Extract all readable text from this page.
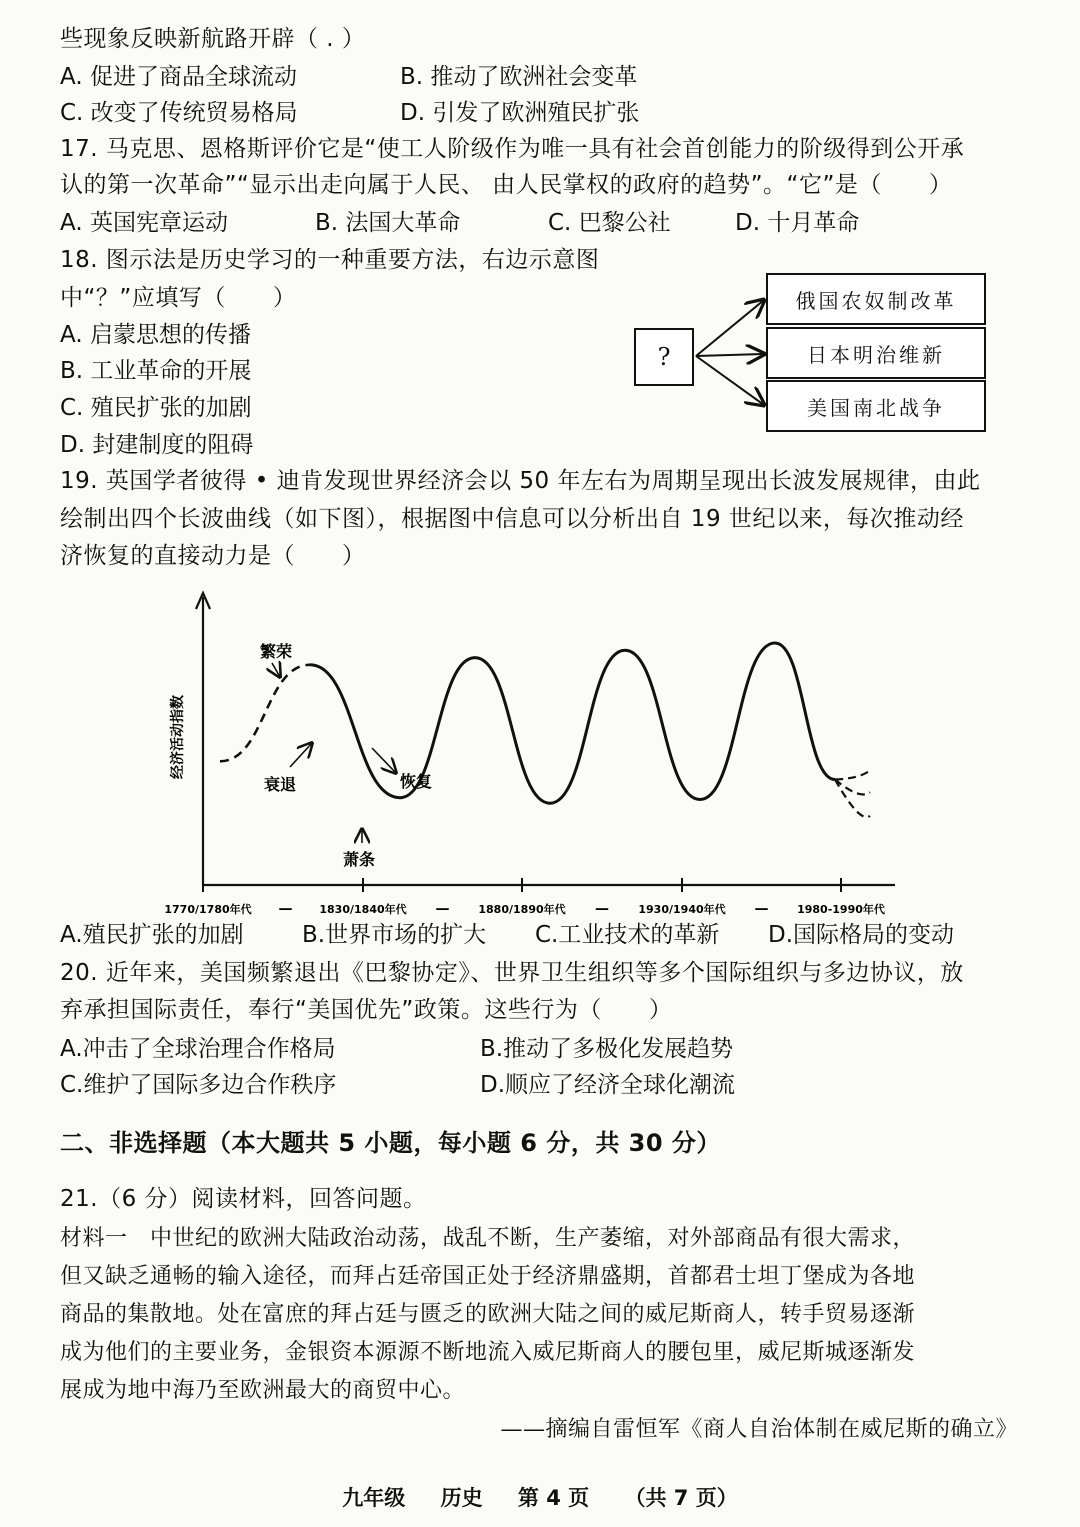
些现象反映新航路开辟（ . ）
A. 促进了商品全球流动	B. 推动了欧洲社会变革
C. 改变了传统贸易格局	D. 引发了欧洲殖民扩张
17. 马克思、恩格斯评价它是“使工人阶级作为唯一具有社会首创能力的阶级得到公开承
认的第一次革命”“显示出走向属于人民、 由人民掌权的政府的趋势”。“它”是（　　）
A. 英国宪章运动	B. 法国大革命	C. 巴黎公社	D. 十月革命
18. 图示法是历史学习的一种重要方法，右边示意图
中“？”应填写（　　）
A. 启蒙思想的传播
B. 工业革命的开展
C. 殖民扩张的加剧
D. 封建制度的阻碍
?
俄国农奴制改革
日本明治维新
美国南北战争
19. 英国学者彼得 • 迪肯发现世界经济会以 50 年左右为周期呈现出长波发展规律，由此
绘制出四个长波曲线（如下图），根据图中信息可以分析出自 19 世纪以来，每次推动经
济恢复的直接动力是（　　）
经济活动指数
1770/1780年代	1830/1840年代	1880/1890年代	1930/1940年代	1980-1990年代
—	—	—	—
繁荣
衰退	恢复
萧条
A.殖民扩张的加剧	B.世界市场的扩大 C.工业技术的革新 D.国际格局的变动
20. 近年来，美国频繁退出《巴黎协定》、世界卫生组织等多个国际组织与多边协议，放
弃承担国际责任，奉行“美国优先”政策。这些行为（　　）
A.冲击了全球治理合作格局	B.推动了多极化发展趋势
C.维护了国际多边合作秩序	D.顺应了经济全球化潮流
二、非选择题（本大题共 5 小题，每小题 6 分，共 30 分）
21.（6 分）阅读材料，回答问题。
材料一　中世纪的欧洲大陆政治动荡，战乱不断，生产萎缩，对外部商品有很大需求，
但又缺乏通畅的输入途径，而拜占廷帝国正处于经济鼎盛期，首都君士坦丁堡成为各地
商品的集散地。处在富庶的拜占廷与匮乏的欧洲大陆之间的威尼斯商人，转手贸易逐渐
成为他们的主要业务，金银资本源源不断地流入威尼斯商人的腰包里，威尼斯城逐渐发
展成为地中海乃至欧洲最大的商贸中心。
——摘编自雷恒军《商人自治体制在威尼斯的确立》
九年级 历史 第 4 页 （共 7 页）
